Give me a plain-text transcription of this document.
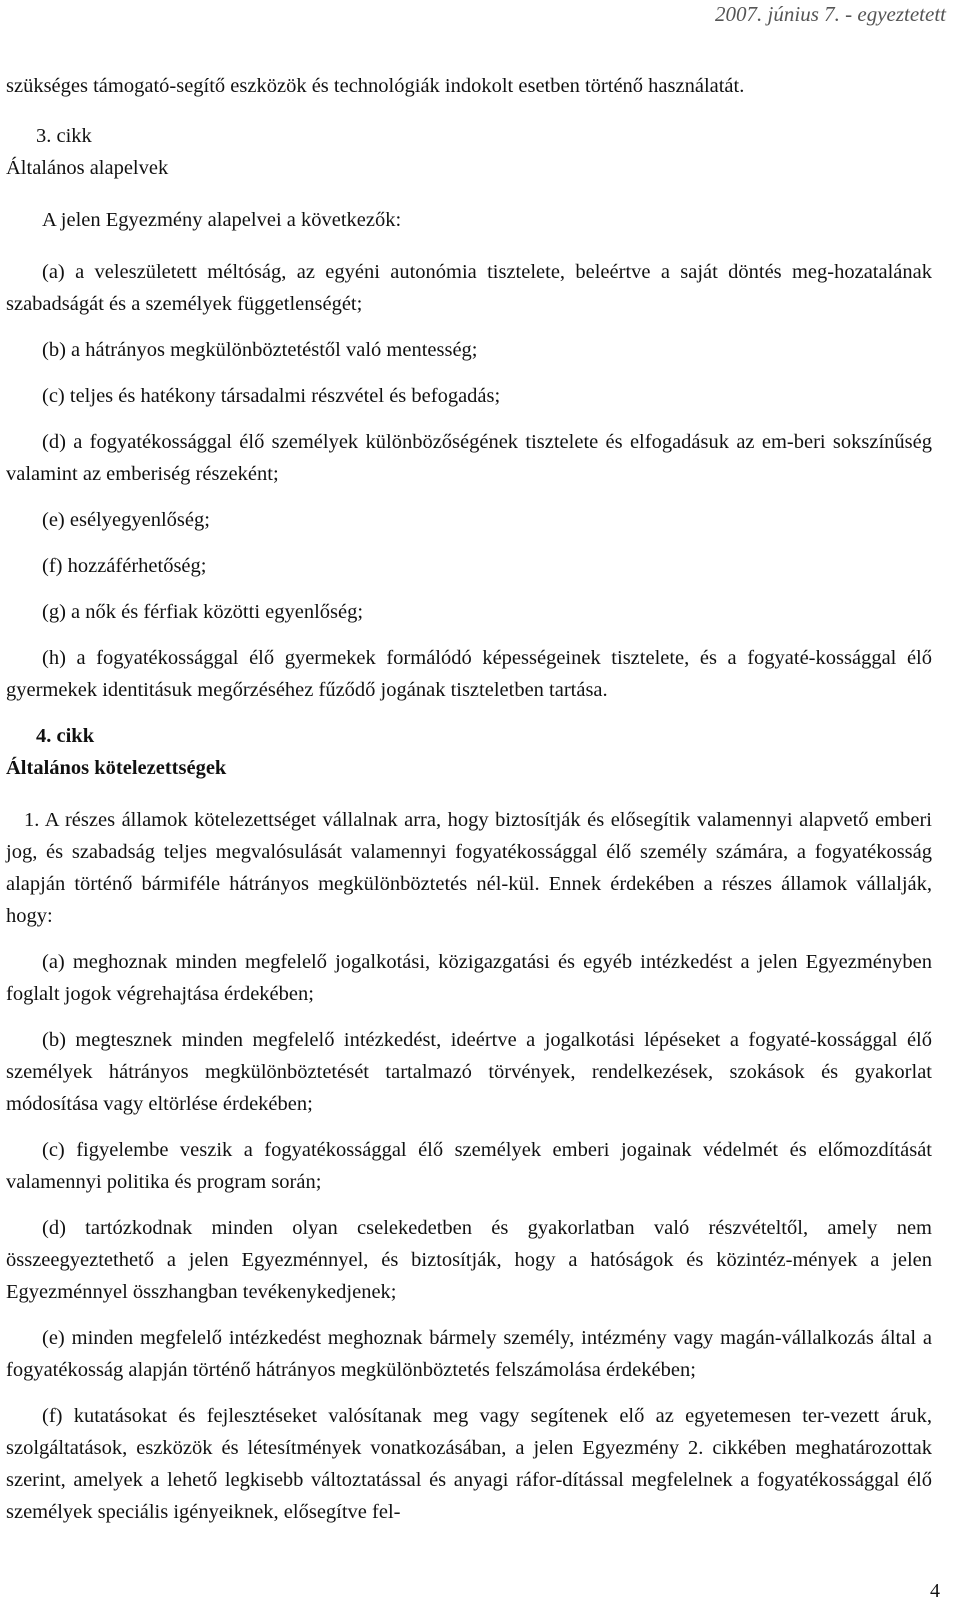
2007. június 7. - egyeztetett

szükséges támogató-segítő eszközök és technológiák indokolt esetben történő használatát.

3. cikk
Általános alapelvek

A jelen Egyezmény alapelvei a következők:

(a) a veleszületett méltóság, az egyéni autonómia tisztelete, beleértve a saját döntés meg-hozatalának szabadságát és a személyek függetlenségét;

(b) a hátrányos megkülönböztetéstől való mentesség;

(c) teljes és hatékony társadalmi részvétel és befogadás;

(d) a fogyatékossággal élő személyek különbözőségének tisztelete és elfogadásuk az em-beri sokszínűség valamint az emberiség részeként;

(e) esélyegyenlőség;

(f) hozzáférhetőség;

(g) a nők és férfiak közötti egyenlőség;

(h) a fogyatékossággal élő gyermekek formálódó képességeinek tisztelete, és a fogyaté-kossággal élő gyermekek identitásuk megőrzéséhez fűződő jogának tiszteletben tartása.

4. cikk
Általános kötelezettségek

1. A részes államok kötelezettséget vállalnak arra, hogy biztosítják és elősegítik valamennyi alapvető emberi jog, és szabadság teljes megvalósulását valamennyi fogyatékossággal élő személy számára, a fogyatékosság alapján történő bármiféle hátrányos megkülönböztetés nél-kül. Ennek érdekében a részes államok vállalják, hogy:

(a) meghoznak minden megfelelő jogalkotási, közigazgatási és egyéb intézkedést a jelen Egyezményben foglalt jogok végrehajtása érdekében;

(b) megtesznek minden megfelelő intézkedést, ideértve a jogalkotási lépéseket a fogyaté-kossággal élő személyek hátrányos megkülönböztetését tartalmazó törvények, rendelkezések, szokások és gyakorlat módosítása vagy eltörlése érdekében;

(c) figyelembe veszik a fogyatékossággal élő személyek emberi jogainak védelmét és előmozdítását valamennyi politika és program során;

(d) tartózkodnak minden olyan cselekedetben és gyakorlatban való részvételtől, amely nem összeegyeztethető a jelen Egyezménnyel, és biztosítják, hogy a hatóságok és közintéz-mények a jelen Egyezménnyel összhangban tevékenykedjenek;

(e) minden megfelelő intézkedést meghoznak bármely személy, intézmény vagy magán-vállalkozás által a fogyatékosság alapján történő hátrányos megkülönböztetés felszámolása érdekében;

(f) kutatásokat és fejlesztéseket valósítanak meg vagy segítenek elő az egyetemesen ter-vezett áruk, szolgáltatások, eszközök és létesítmények vonatkozásában, a jelen Egyezmény 2. cikkében meghatározottak szerint, amelyek a lehető legkisebb változtatással és anyagi ráfor-dítással megfelelnek a fogyatékossággal élő személyek speciális igényeiknek, elősegítve fel-

4
